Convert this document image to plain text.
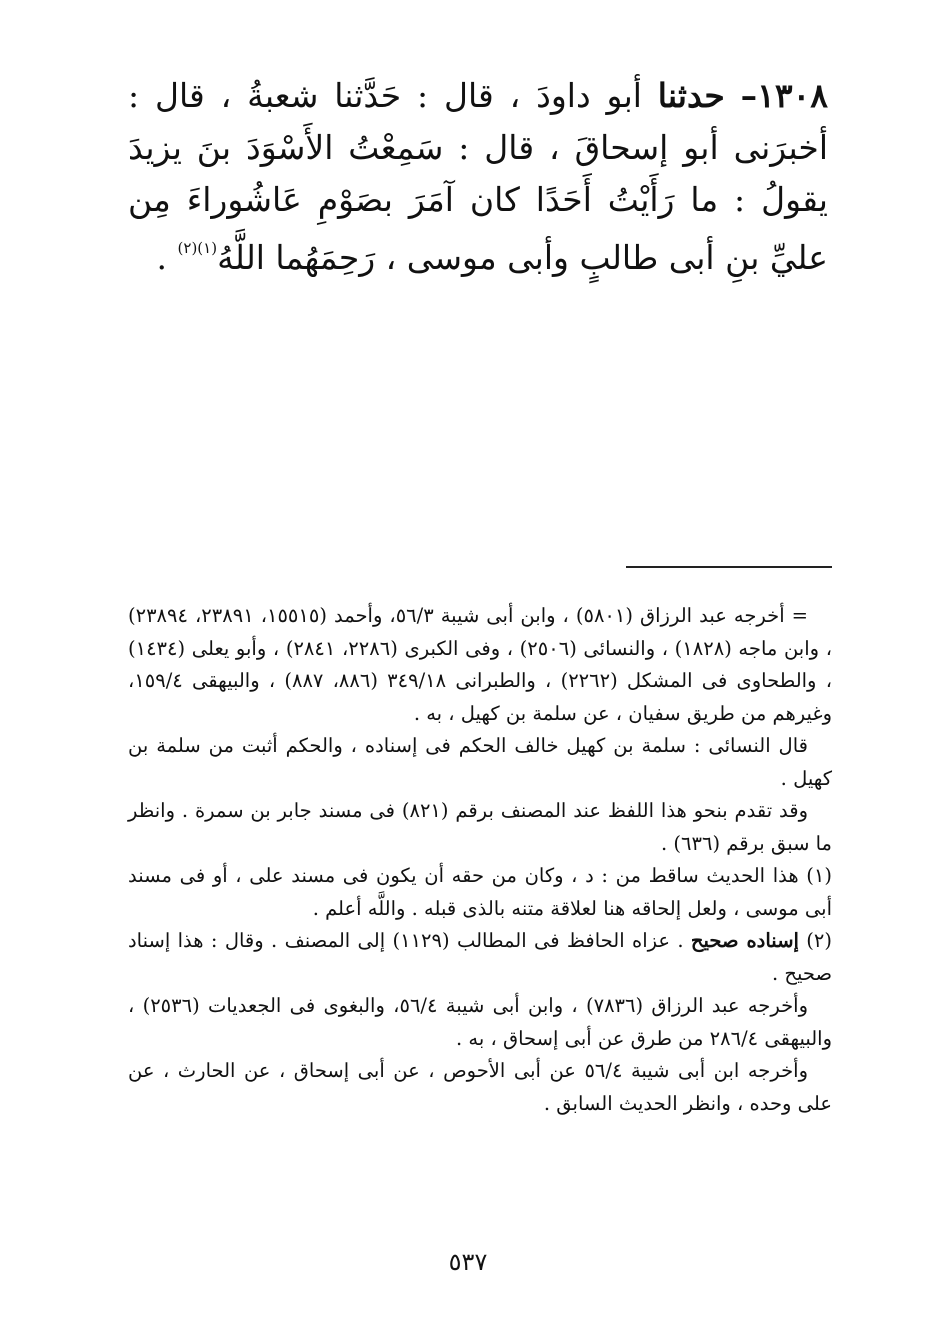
١٣٠٨– حدثنا أبو داودَ ، قال : حَدَّثنا شعبةُ ، قال : أخبرَنى أبو إسحاقَ ، قال : سَمِعْتُ الأَسْوَدَ بنَ يزيدَ يقولُ : ما رَأَيْتُ أَحَدًا كان آمَرَ بصَوْمِ عَاشُوراءَ مِن عليِّ بنِ أبى طالبٍ وأبى موسى ، رَحِمَهُما اللَّهُ$^{(١)(٢)}$ .

= أخرجه عبد الرزاق (٥٨٠١) ، وابن أبى شيبة ٥٦/٣، وأحمد (١٥٥١٥، ٢٣٨٩١، ٢٣٨٩٤) ، وابن ماجه (١٨٢٨) ، والنسائى (٢٥٠٦) ، وفى الكبرى (٢٢٨٦، ٢٨٤١) ، وأبو يعلى (١٤٣٤) ، والطحاوى فى المشكل (٢٢٦٢) ، والطبرانى ٣٤٩/١٨ (٨٨٦، ٨٨٧) ، والبيهقى ١٥٩/٤، وغيرهم من طريق سفيان ، عن سلمة بن كهيل ، به .

قال النسائى : سلمة بن كهيل خالف الحكم فى إسناده ، والحكم أثبت من سلمة بن كهيل .

وقد تقدم بنحو هذا اللفظ عند المصنف برقم (٨٢١) فى مسند جابر بن سمرة . وانظر ما سبق برقم (٦٣٦) .

(١) هذا الحديث ساقط من : د ، وكان من حقه أن يكون فى مسند على ، أو فى مسند أبى موسى ، ولعل إلحاقه هنا لعلاقة متنه بالذى قبله . واللَّه أعلم .

(٢) إسناده صحيح . عزاه الحافظ فى المطالب (١١٢٩) إلى المصنف . وقال : هذا إسناد صحيح .

وأخرجه عبد الرزاق (٧٨٣٦) ، وابن أبى شيبة ٥٦/٤، والبغوى فى الجعديات (٢٥٣٦) ، والبيهقى ٢٨٦/٤ من طرق عن أبى إسحاق ، به .

وأخرجه ابن أبى شيبة ٥٦/٤ عن أبى الأحوص ، عن أبى إسحاق ، عن الحارث ، عن على وحده ، وانظر الحديث السابق .

٥٣٧
